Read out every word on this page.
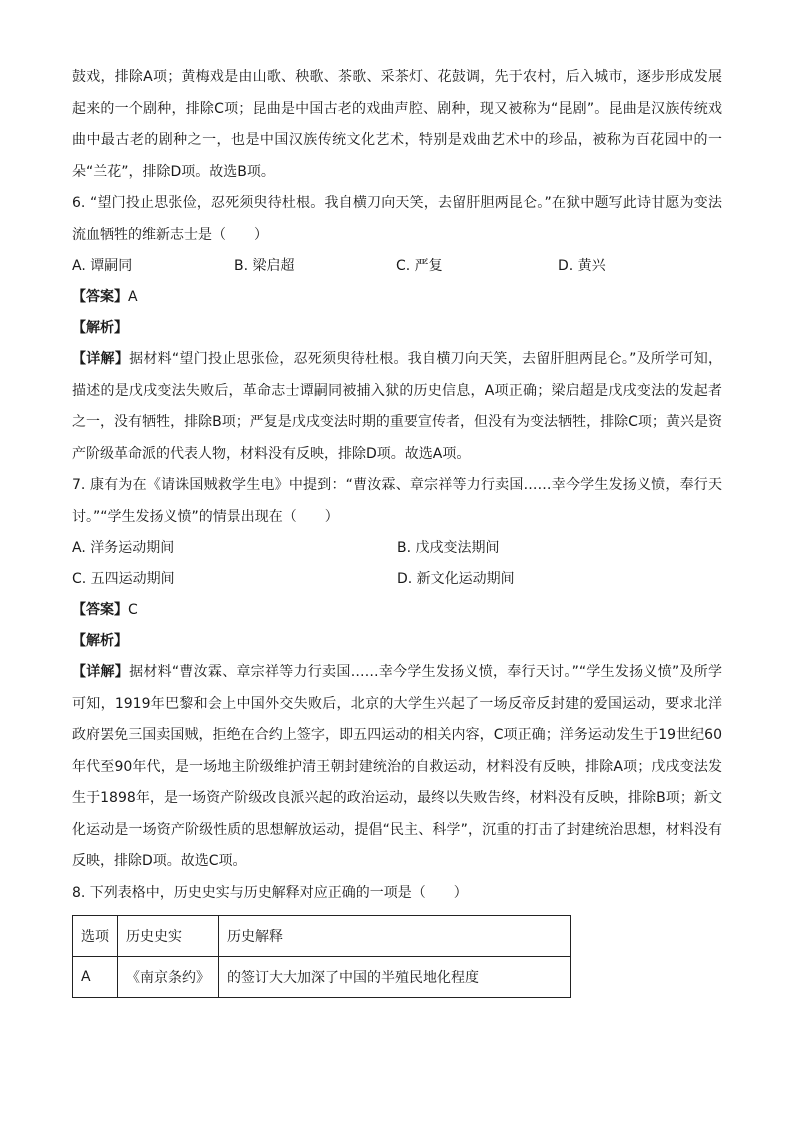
鼓戏，排除A项；黄梅戏是由山歌、秧歌、茶歌、采茶灯、花鼓调，先于农村，后入城市，逐步形成发展起来的一个剧种，排除C项；昆曲是中国古老的戏曲声腔、剧种，现又被称为“昆剧”。昆曲是汉族传统戏曲中最古老的剧种之一，也是中国汉族传统文化艺术，特别是戏曲艺术中的珍品，被称为百花园中的一朵“兰花”，排除D项。故选B项。

6. “望门投止思张俭，忍死须臾待杜根。我自横刀向天笑，去留肝胆两昆仑。”在狱中题写此诗甘愿为变法流血牺牲的维新志士是（　　）

A. 谭嗣同	B. 梁启超	C. 严复	D. 黄兴

【答案】A

【解析】

【详解】据材料“望门投止思张俭，忍死须臾待杜根。我自横刀向天笑，去留肝胆两昆仑。”及所学可知，描述的是戊戌变法失败后，革命志士谭嗣同被捕入狱的历史信息，A项正确；梁启超是戊戌变法的发起者之一，没有牺牲，排除B项；严复是戊戌变法时期的重要宣传者，但没有为变法牺牲，排除C项；黄兴是资产阶级革命派的代表人物，材料没有反映，排除D项。故选A项。

7. 康有为在《请诛国贼救学生电》中提到：“曹汝霖、章宗祥等力行卖国……幸今学生发扬义愤，奉行天讨。”“学生发扬义愤”的情景出现在（　　）

A. 洋务运动期间	B. 戊戌变法期间
C. 五四运动期间	D. 新文化运动期间

【答案】C

【解析】

【详解】据材料“曹汝霖、章宗祥等力行卖国……幸今学生发扬义愤，奉行天讨。”“学生发扬义愤”及所学可知，1919年巴黎和会上中国外交失败后，北京的大学生兴起了一场反帝反封建的爱国运动，要求北洋政府罢免三国卖国贼，拒绝在合约上签字，即五四运动的相关内容，C项正确；洋务运动发生于19世纪60年代至90年代，是一场地主阶级维护清王朝封建统治的自救运动，材料没有反映，排除A项；戊戌变法发生于1898年，是一场资产阶级改良派兴起的政治运动，最终以失败告终，材料没有反映，排除B项；新文化运动是一场资产阶级性质的思想解放运动，提倡“民主、科学”，沉重的打击了封建统治思想，材料没有反映，排除D项。故选C项。

8. 下列表格中，历史史实与历史解释对应正确的一项是（　　）

选项	历史史实	历史解释
A	《南京条约》	的签订大大加深了中国的半殖民地化程度
